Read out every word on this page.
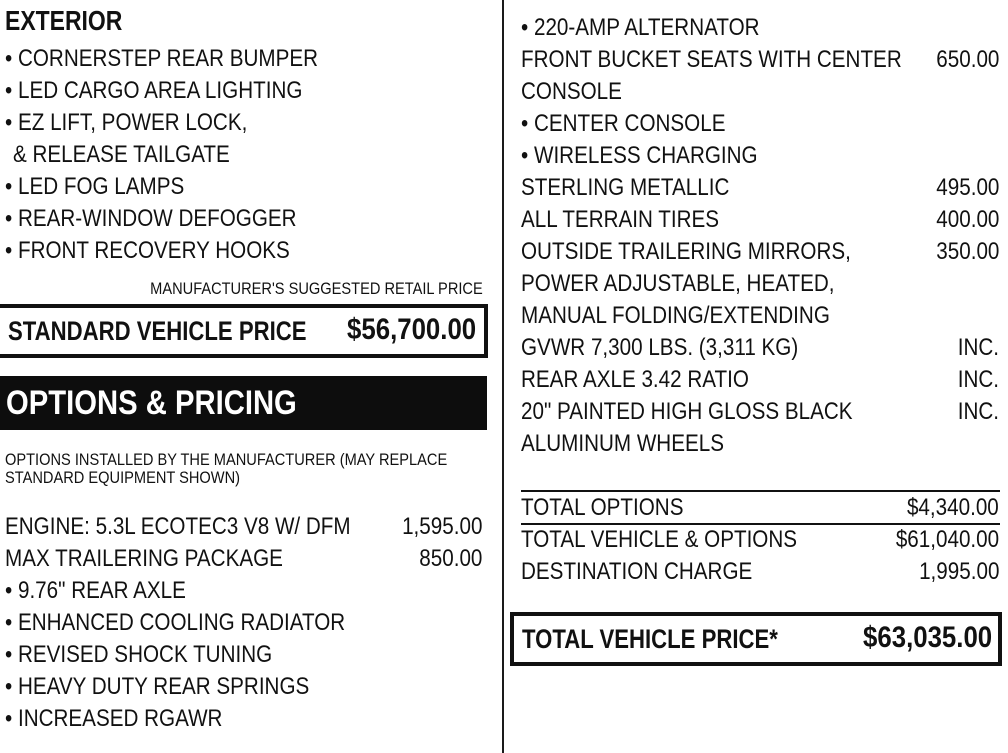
EXTERIOR
• CORNERSTEP REAR BUMPER
• LED CARGO AREA LIGHTING
• EZ LIFT, POWER LOCK,
& RELEASE TAILGATE
• LED FOG LAMPS
• REAR-WINDOW DEFOGGER
• FRONT RECOVERY HOOKS
MANUFACTURER'S SUGGESTED RETAIL PRICE
STANDARD VEHICLE PRICE $56,700.00
OPTIONS & PRICING
OPTIONS INSTALLED BY THE MANUFACTURER (MAY REPLACE
STANDARD EQUIPMENT SHOWN)
ENGINE: 5.3L ECOTEC3 V8 W/ DFM 1,595.00
MAX TRAILERING PACKAGE	850.00
• 9.76" REAR AXLE
• ENHANCED COOLING RADIATOR
• REVISED SHOCK TUNING
• HEAVY DUTY REAR SPRINGS
• INCREASED RGAWR
• 220-AMP ALTERNATOR
FRONT BUCKET SEATS WITH CENTER 650.00
CONSOLE
• CENTER CONSOLE
• WIRELESS CHARGING
STERLING METALLIC	495.00
ALL TERRAIN TIRES	400.00
OUTSIDE TRAILERING MIRRORS,	350.00
POWER ADJUSTABLE, HEATED,
MANUAL FOLDING/EXTENDING
GVWR 7,300 LBS. (3,311 KG)	INC.
REAR AXLE 3.42 RATIO	INC.
20" PAINTED HIGH GLOSS BLACK	INC.
ALUMINUM WHEELS
TOTAL OPTIONS	$4,340.00
TOTAL VEHICLE & OPTIONS	$61,040.00
DESTINATION CHARGE	1,995.00
TOTAL VEHICLE PRICE*	$63,035.00
